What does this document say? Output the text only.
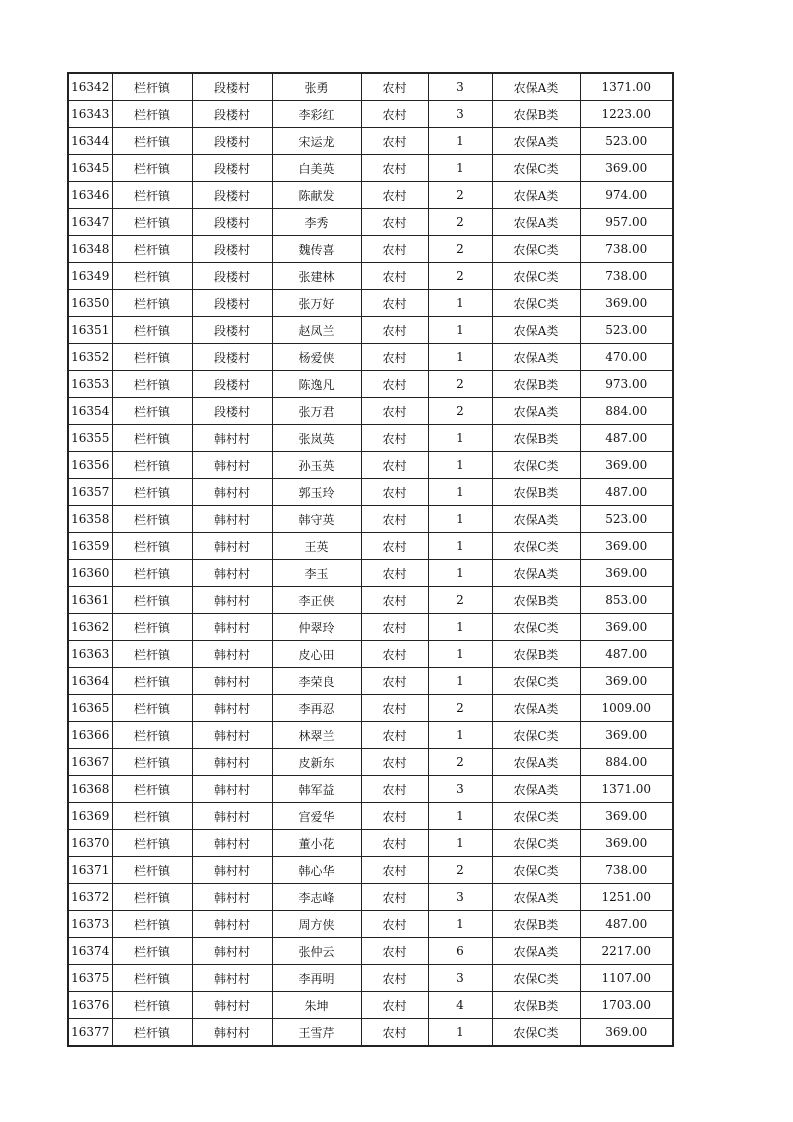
16342	栏杆镇	段楼村	张勇	农村	3	农保A类	1371.00
16343	栏杆镇	段楼村	李彩红	农村	3	农保B类	1223.00
16344	栏杆镇	段楼村	宋运龙	农村	1	农保A类	523.00
16345	栏杆镇	段楼村	白美英	农村	1	农保C类	369.00
16346	栏杆镇	段楼村	陈献发	农村	2	农保A类	974.00
16347	栏杆镇	段楼村	李秀	农村	2	农保A类	957.00
16348	栏杆镇	段楼村	魏传喜	农村	2	农保C类	738.00
16349	栏杆镇	段楼村	张建林	农村	2	农保C类	738.00
16350	栏杆镇	段楼村	张万好	农村	1	农保C类	369.00
16351	栏杆镇	段楼村	赵凤兰	农村	1	农保A类	523.00
16352	栏杆镇	段楼村	杨爱侠	农村	1	农保A类	470.00
16353	栏杆镇	段楼村	陈逸凡	农村	2	农保B类	973.00
16354	栏杆镇	段楼村	张万君	农村	2	农保A类	884.00
16355	栏杆镇	韩村村	张岚英	农村	1	农保B类	487.00
16356	栏杆镇	韩村村	孙玉英	农村	1	农保C类	369.00
16357	栏杆镇	韩村村	郭玉玲	农村	1	农保B类	487.00
16358	栏杆镇	韩村村	韩守英	农村	1	农保A类	523.00
16359	栏杆镇	韩村村	王英	农村	1	农保C类	369.00
16360	栏杆镇	韩村村	李玉	农村	1	农保A类	369.00
16361	栏杆镇	韩村村	李正侠	农村	2	农保B类	853.00
16362	栏杆镇	韩村村	仲翠玲	农村	1	农保C类	369.00
16363	栏杆镇	韩村村	皮心田	农村	1	农保B类	487.00
16364	栏杆镇	韩村村	李荣良	农村	1	农保C类	369.00
16365	栏杆镇	韩村村	李再忍	农村	2	农保A类	1009.00
16366	栏杆镇	韩村村	林翠兰	农村	1	农保C类	369.00
16367	栏杆镇	韩村村	皮新东	农村	2	农保A类	884.00
16368	栏杆镇	韩村村	韩军益	农村	3	农保A类	1371.00
16369	栏杆镇	韩村村	宫爱华	农村	1	农保C类	369.00
16370	栏杆镇	韩村村	董小花	农村	1	农保C类	369.00
16371	栏杆镇	韩村村	韩心华	农村	2	农保C类	738.00
16372	栏杆镇	韩村村	李志峰	农村	3	农保A类	1251.00
16373	栏杆镇	韩村村	周方侠	农村	1	农保B类	487.00
16374	栏杆镇	韩村村	张仲云	农村	6	农保A类	2217.00
16375	栏杆镇	韩村村	李再明	农村	3	农保C类	1107.00
16376	栏杆镇	韩村村	朱坤	农村	4	农保B类	1703.00
16377	栏杆镇	韩村村	王雪芹	农村	1	农保C类	369.00
